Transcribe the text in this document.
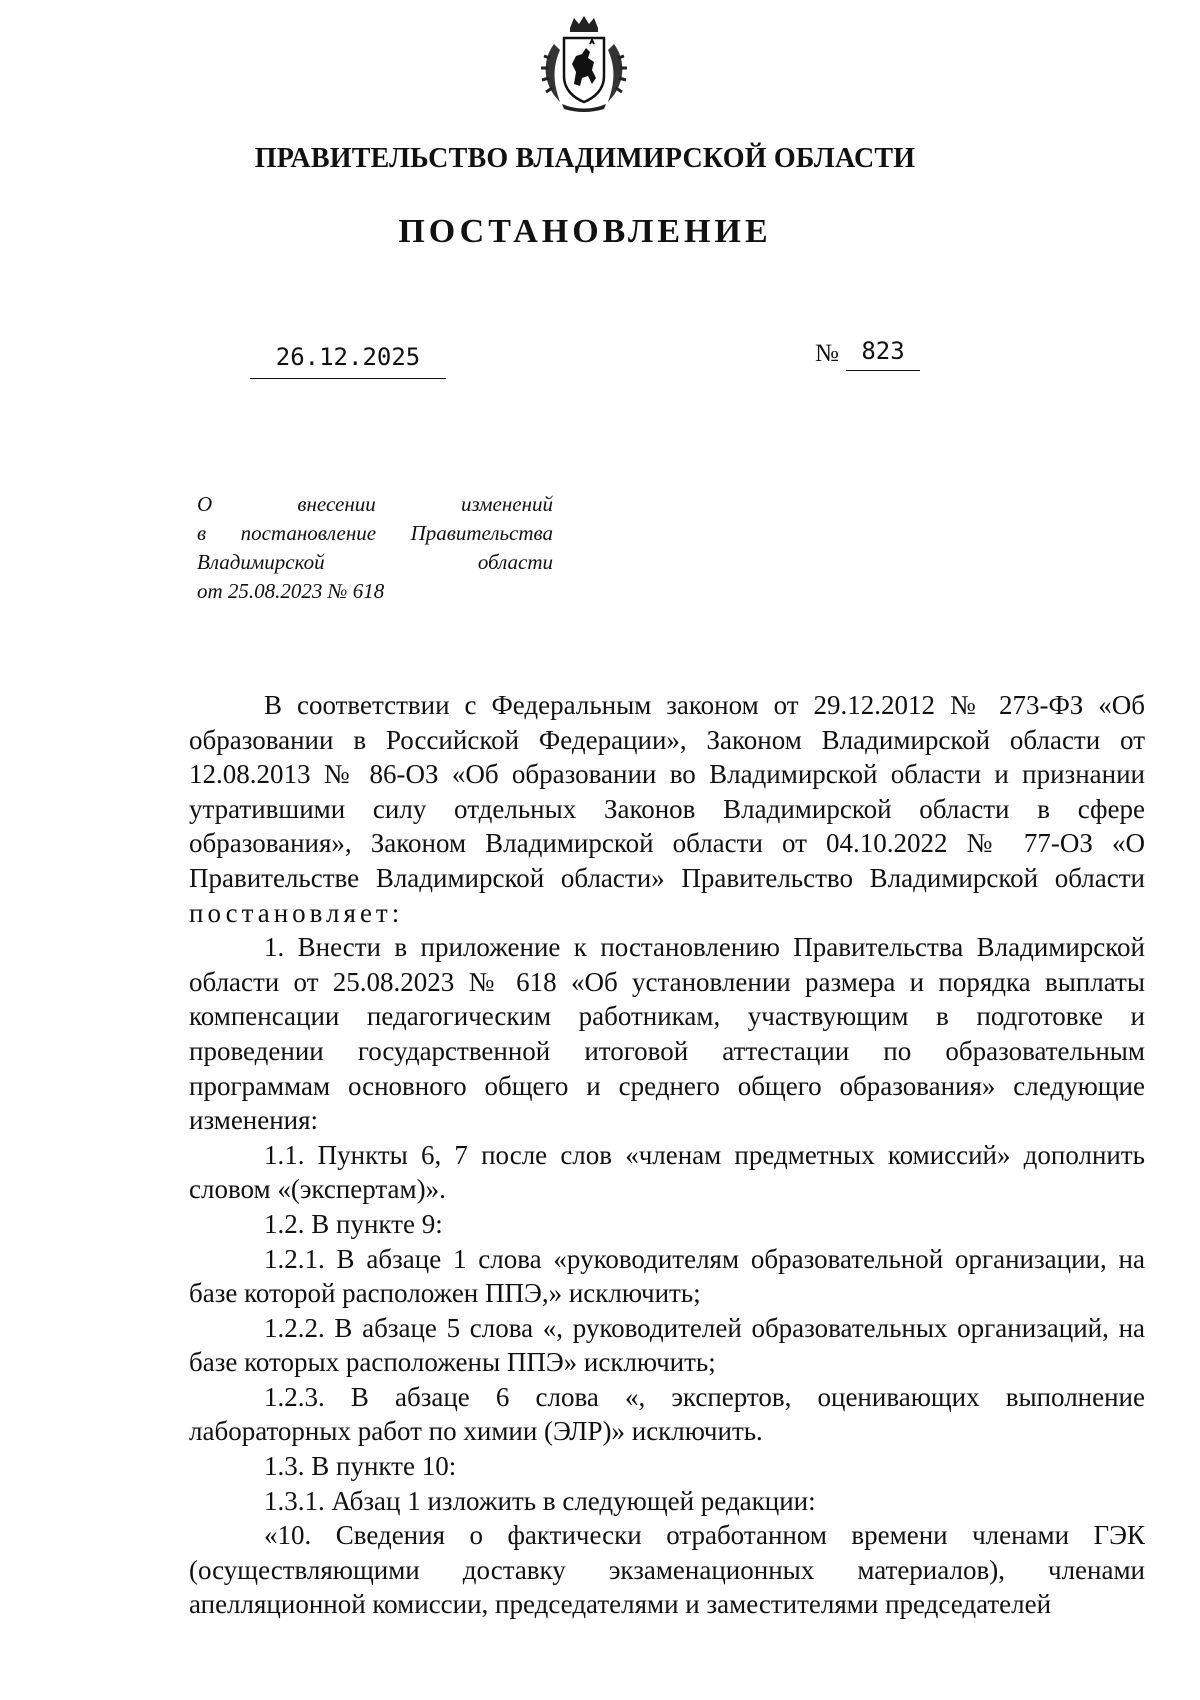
ПРАВИТЕЛЬСТВО ВЛАДИМИРСКОЙ ОБЛАСТИ
ПОСТАНОВЛЕНИЕ
26.12.2025	№ 823
О внесении изменений
в постановление Правительства
Владимирской области
от 25.08.2023 № 618

В соответствии с Федеральным законом от 29.12.2012 № 273-ФЗ «Об образовании в Российской Федерации», Законом Владимирской области от 12.08.2013 № 86-ОЗ «Об образовании во Владимирской области и признании утратившими силу отдельных Законов Владимирской области в сфере образования», Законом Владимирской области от 04.10.2022 № 77-ОЗ «О Правительстве Владимирской области» Правительство Владимирской области постановляет:

1. Внести в приложение к постановлению Правительства Владимирской области от 25.08.2023 № 618 «Об установлении размера и порядка выплаты компенсации педагогическим работникам, участвующим в подготовке и проведении государственной итоговой аттестации по образовательным программам основного общего и среднего общего образования» следующие изменения:

1.1. Пункты 6, 7 после слов «членам предметных комиссий» дополнить словом «(экспертам)».

1.2. В пункте 9:

1.2.1. В абзаце 1 слова «руководителям образовательной организации, на базе которой расположен ППЭ,» исключить;

1.2.2. В абзаце 5 слова «, руководителей образовательных организаций, на базе которых расположены ППЭ» исключить;

1.2.3. В абзаце 6 слова «, экспертов, оценивающих выполнение лабораторных работ по химии (ЭЛР)» исключить.

1.3. В пункте 10:

1.3.1. Абзац 1 изложить в следующей редакции:

«10. Сведения о фактически отработанном времени членами ГЭК (осуществляющими доставку экзаменационных материалов), членами апелляционной комиссии, председателями и заместителями председателей
